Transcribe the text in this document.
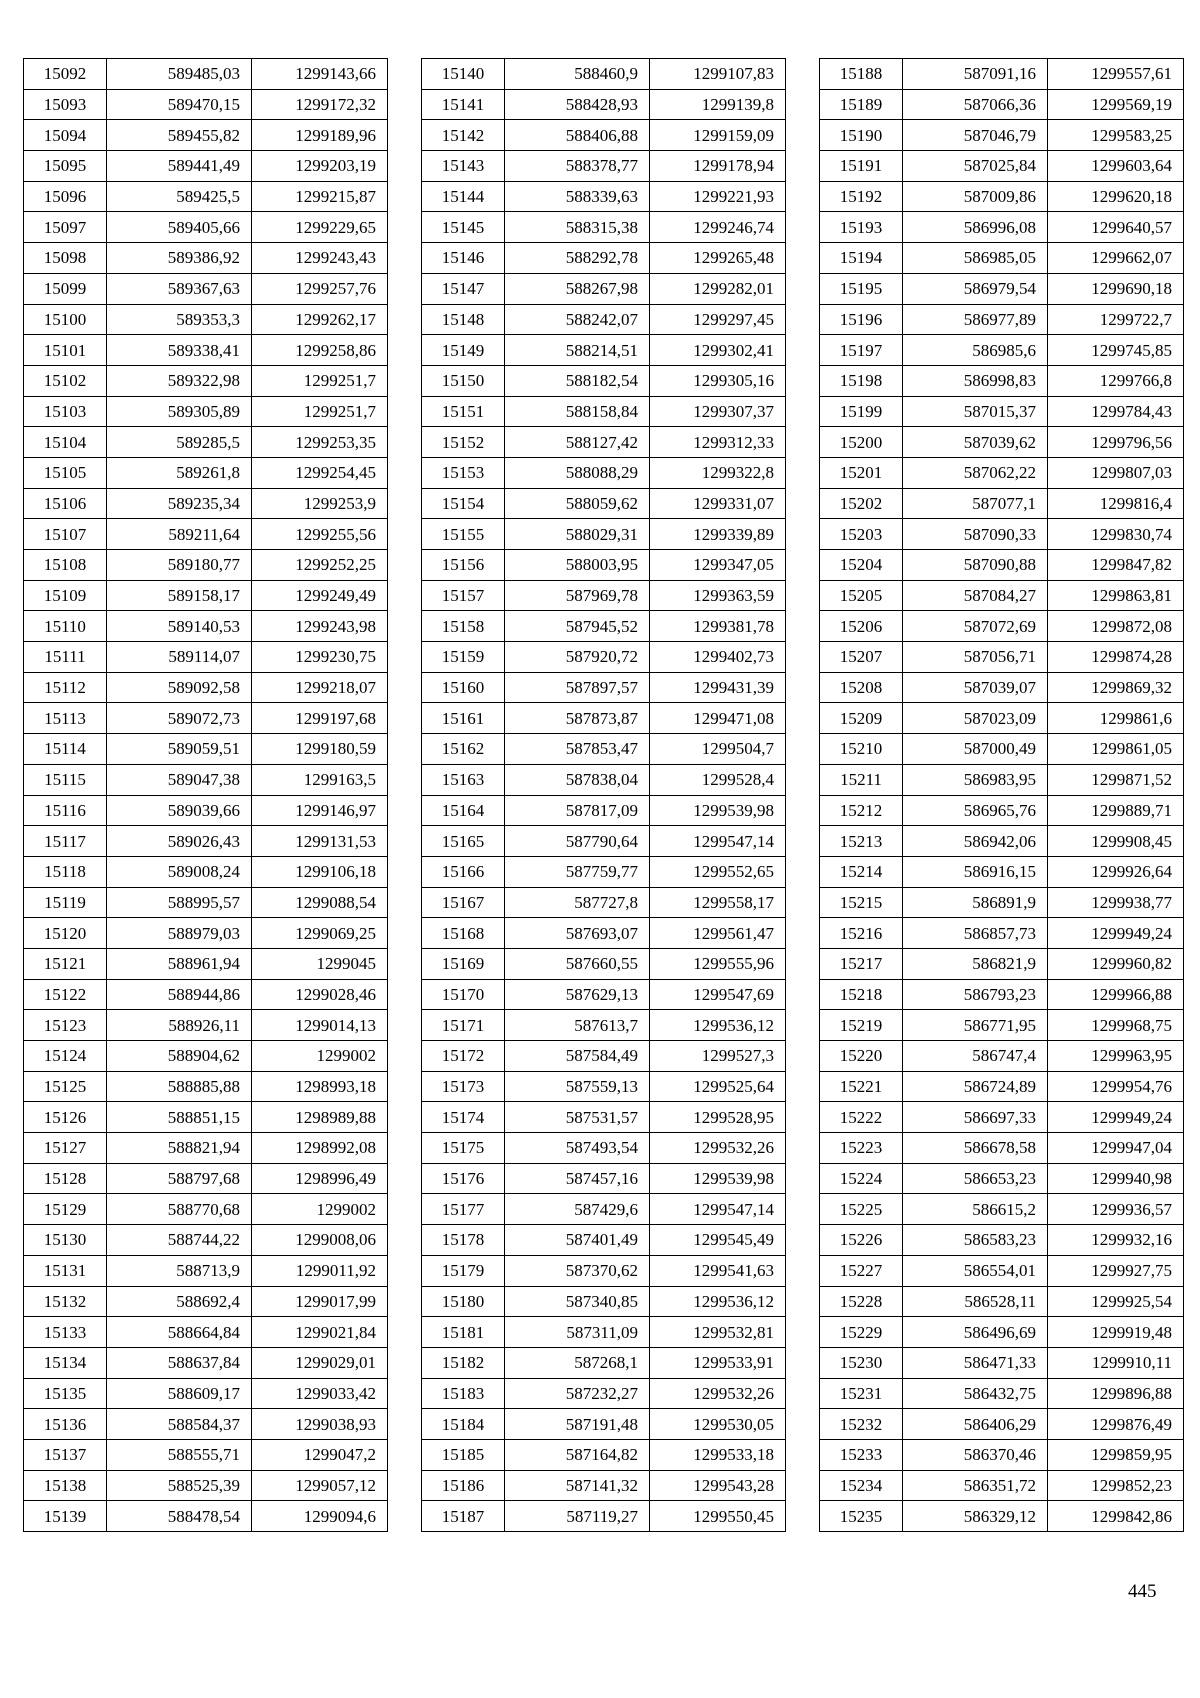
15092	589485,03	1299143,66
15093	589470,15	1299172,32
15094	589455,82	1299189,96
15095	589441,49	1299203,19
15096	589425,5	1299215,87
15097	589405,66	1299229,65
15098	589386,92	1299243,43
15099	589367,63	1299257,76
15100	589353,3	1299262,17
15101	589338,41	1299258,86
15102	589322,98	1299251,7
15103	589305,89	1299251,7
15104	589285,5	1299253,35
15105	589261,8	1299254,45
15106	589235,34	1299253,9
15107	589211,64	1299255,56
15108	589180,77	1299252,25
15109	589158,17	1299249,49
15110	589140,53	1299243,98
15111	589114,07	1299230,75
15112	589092,58	1299218,07
15113	589072,73	1299197,68
15114	589059,51	1299180,59
15115	589047,38	1299163,5
15116	589039,66	1299146,97
15117	589026,43	1299131,53
15118	589008,24	1299106,18
15119	588995,57	1299088,54
15120	588979,03	1299069,25
15121	588961,94	1299045
15122	588944,86	1299028,46
15123	588926,11	1299014,13
15124	588904,62	1299002
15125	588885,88	1298993,18
15126	588851,15	1298989,88
15127	588821,94	1298992,08
15128	588797,68	1298996,49
15129	588770,68	1299002
15130	588744,22	1299008,06
15131	588713,9	1299011,92
15132	588692,4	1299017,99
15133	588664,84	1299021,84
15134	588637,84	1299029,01
15135	588609,17	1299033,42
15136	588584,37	1299038,93
15137	588555,71	1299047,2
15138	588525,39	1299057,12
15139	588478,54	1299094,6
15140	588460,9	1299107,83
15141	588428,93	1299139,8
15142	588406,88	1299159,09
15143	588378,77	1299178,94
15144	588339,63	1299221,93
15145	588315,38	1299246,74
15146	588292,78	1299265,48
15147	588267,98	1299282,01
15148	588242,07	1299297,45
15149	588214,51	1299302,41
15150	588182,54	1299305,16
15151	588158,84	1299307,37
15152	588127,42	1299312,33
15153	588088,29	1299322,8
15154	588059,62	1299331,07
15155	588029,31	1299339,89
15156	588003,95	1299347,05
15157	587969,78	1299363,59
15158	587945,52	1299381,78
15159	587920,72	1299402,73
15160	587897,57	1299431,39
15161	587873,87	1299471,08
15162	587853,47	1299504,7
15163	587838,04	1299528,4
15164	587817,09	1299539,98
15165	587790,64	1299547,14
15166	587759,77	1299552,65
15167	587727,8	1299558,17
15168	587693,07	1299561,47
15169	587660,55	1299555,96
15170	587629,13	1299547,69
15171	587613,7	1299536,12
15172	587584,49	1299527,3
15173	587559,13	1299525,64
15174	587531,57	1299528,95
15175	587493,54	1299532,26
15176	587457,16	1299539,98
15177	587429,6	1299547,14
15178	587401,49	1299545,49
15179	587370,62	1299541,63
15180	587340,85	1299536,12
15181	587311,09	1299532,81
15182	587268,1	1299533,91
15183	587232,27	1299532,26
15184	587191,48	1299530,05
15185	587164,82	1299533,18
15186	587141,32	1299543,28
15187	587119,27	1299550,45
15188	587091,16	1299557,61
15189	587066,36	1299569,19
15190	587046,79	1299583,25
15191	587025,84	1299603,64
15192	587009,86	1299620,18
15193	586996,08	1299640,57
15194	586985,05	1299662,07
15195	586979,54	1299690,18
15196	586977,89	1299722,7
15197	586985,6	1299745,85
15198	586998,83	1299766,8
15199	587015,37	1299784,43
15200	587039,62	1299796,56
15201	587062,22	1299807,03
15202	587077,1	1299816,4
15203	587090,33	1299830,74
15204	587090,88	1299847,82
15205	587084,27	1299863,81
15206	587072,69	1299872,08
15207	587056,71	1299874,28
15208	587039,07	1299869,32
15209	587023,09	1299861,6
15210	587000,49	1299861,05
15211	586983,95	1299871,52
15212	586965,76	1299889,71
15213	586942,06	1299908,45
15214	586916,15	1299926,64
15215	586891,9	1299938,77
15216	586857,73	1299949,24
15217	586821,9	1299960,82
15218	586793,23	1299966,88
15219	586771,95	1299968,75
15220	586747,4	1299963,95
15221	586724,89	1299954,76
15222	586697,33	1299949,24
15223	586678,58	1299947,04
15224	586653,23	1299940,98
15225	586615,2	1299936,57
15226	586583,23	1299932,16
15227	586554,01	1299927,75
15228	586528,11	1299925,54
15229	586496,69	1299919,48
15230	586471,33	1299910,11
15231	586432,75	1299896,88
15232	586406,29	1299876,49
15233	586370,46	1299859,95
15234	586351,72	1299852,23
15235	586329,12	1299842,86
445
